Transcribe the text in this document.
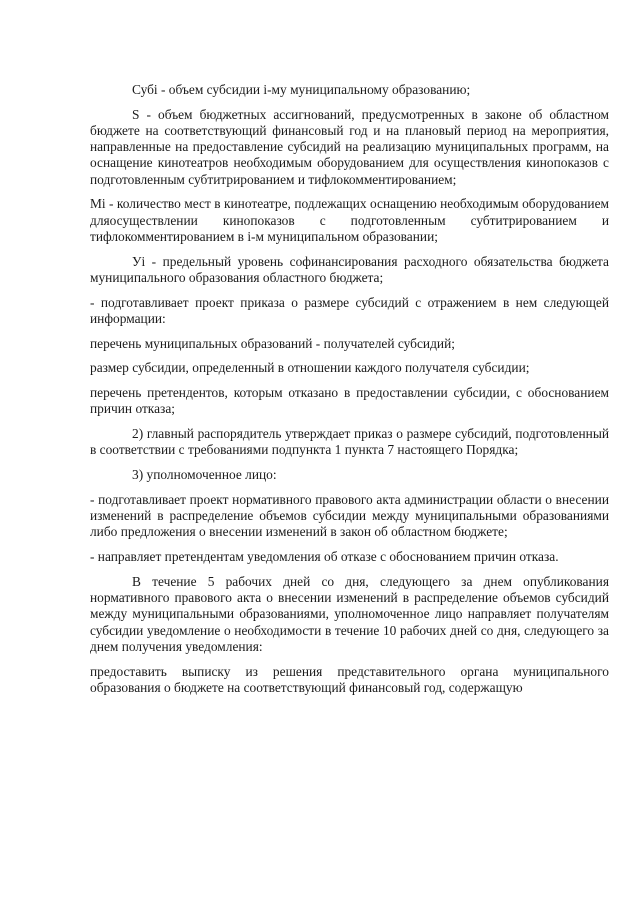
Субі - объем субсидии і-му муниципальному образованию;

S - объем бюджетных ассигнований, предусмотренных в законе об областном бюджете на соответствующий финансовый год и на плановый период на мероприятия, направленные на предоставление субсидий на реализацию муниципальных программ, на оснащение кинотеатров необходимым оборудованием для осуществления кинопоказов с подготовленным субтитрированием и тифлокомментированием;

Мі - количество мест в кинотеатре, подлежащих оснащению необходимым оборудованием дляосуществлении кинопоказов с подготовленным субтитрированием и тифлокомментированием в і-м муниципальном образовании;

Уі - предельный уровень софинансирования расходного обязательства бюджета муниципального образования областного бюджета;

- подготавливает проект приказа о размере субсидий с отражением в нем следующей информации:

перечень муниципальных образований - получателей субсидий;

размер субсидии, определенный в отношении каждого получателя субсидии;

перечень претендентов, которым отказано в предоставлении субсидии, с обоснованием причин отказа;

2) главный распорядитель утверждает приказ о размере субсидий, подготовленный в соответствии с требованиями подпункта 1 пункта 7 настоящего Порядка;

3) уполномоченное лицо:

- подготавливает проект нормативного правового акта администрации области о внесении изменений в распределение объемов субсидии между муниципальными образованиями либо предложения о внесении изменений в закон об областном бюджете;

- направляет претендентам уведомления об отказе с обоснованием причин отказа.

В течение 5 рабочих дней со дня, следующего за днем опубликования нормативного правового акта о внесении изменений в распределение объемов субсидий между муниципальными образованиями, уполномоченное лицо направляет получателям субсидии уведомление о необходимости в течение 10 рабочих дней со дня, следующего за днем получения уведомления:

предоставить выписку из решения представительного органа муниципального образования о бюджете на соответствующий финансовый год, содержащую
